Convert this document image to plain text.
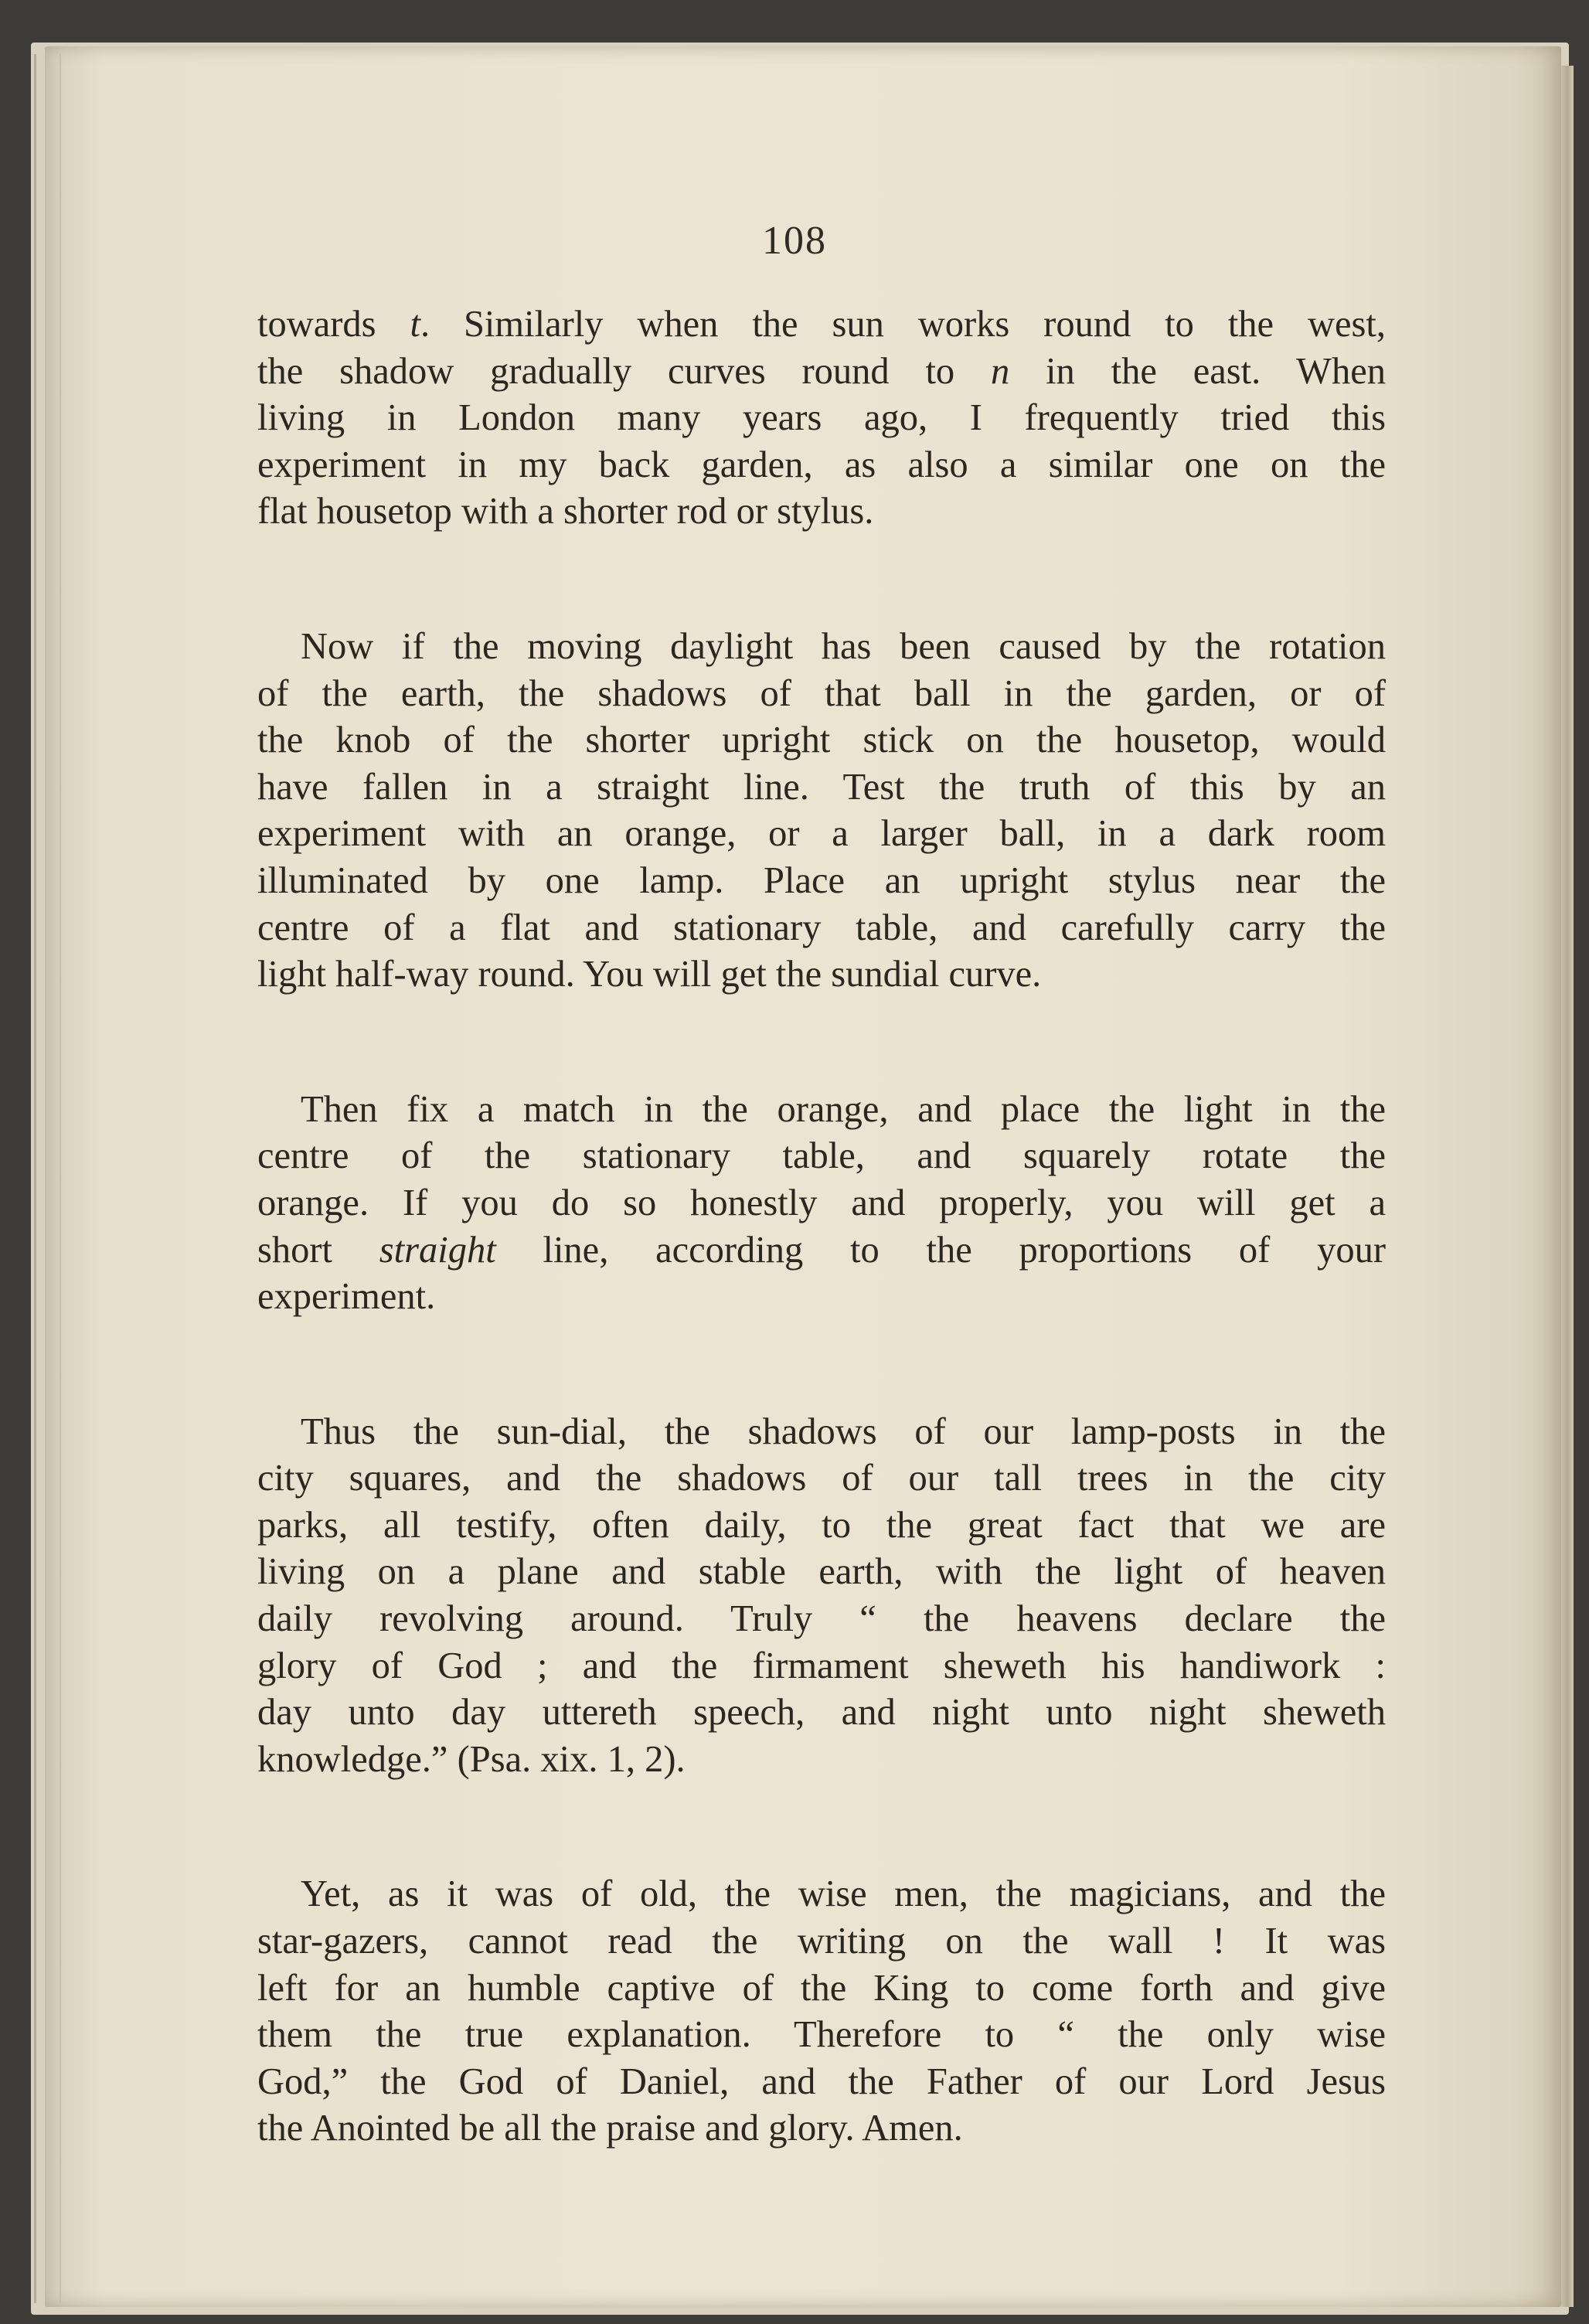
108
towards t. Similarly when the sun works round to the west,
the shadow gradually curves round to n in the east. When
living in London many years ago, I frequently tried this
experiment in my back garden, as also a similar one on the
flat housetop with a shorter rod or stylus.
Now if the moving daylight has been caused by the rotation
of the earth, the shadows of that ball in the garden, or of
the knob of the shorter upright stick on the housetop, would
have fallen in a straight line. Test the truth of this by an
experiment with an orange, or a larger ball, in a dark room
illuminated by one lamp. Place an upright stylus near the
centre of a flat and stationary table, and carefully carry the
light half-way round. You will get the sundial curve.
Then fix a match in the orange, and place the light in the
centre of the stationary table, and squarely rotate the
orange. If you do so honestly and properly, you will get a
short straight line, according to the proportions of your
experiment.
Thus the sun-dial, the shadows of our lamp-posts in the
city squares, and the shadows of our tall trees in the city
parks, all testify, often daily, to the great fact that we are
living on a plane and stable earth, with the light of heaven
daily revolving around. Truly “ the heavens declare the
glory of God ; and the firmament sheweth his handiwork :
day unto day uttereth speech, and night unto night sheweth
knowledge.” (Psa. xix. 1, 2).
Yet, as it was of old, the wise men, the magicians, and the
star-gazers, cannot read the writing on the wall ! It was
left for an humble captive of the King to come forth and give
them the true explanation. Therefore to “ the only wise
God,” the God of Daniel, and the Father of our Lord Jesus
the Anointed be all the praise and glory. Amen.
